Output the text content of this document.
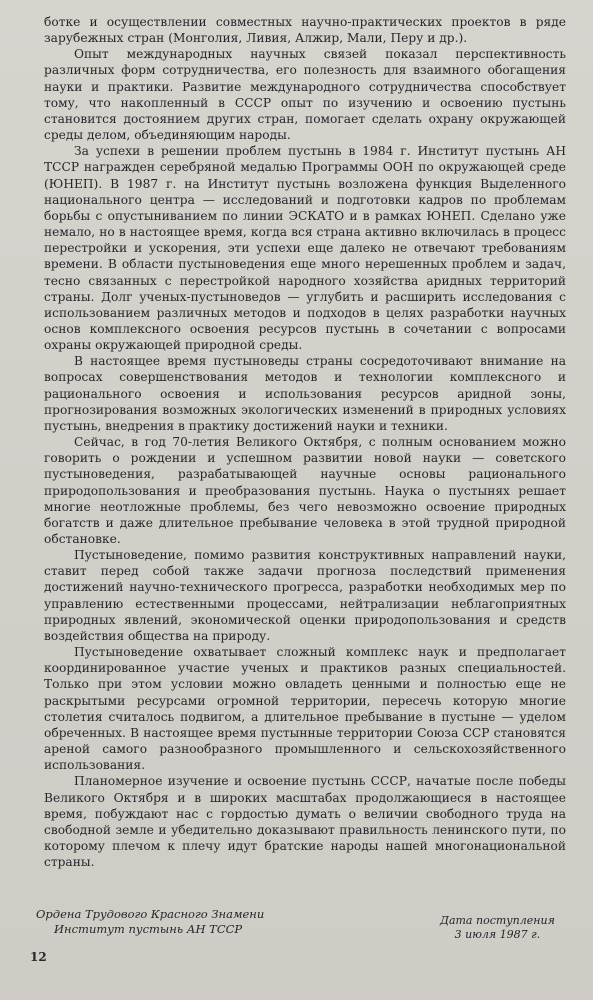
ботке и осуществлении совместных научно-практических проектов в ряде зарубежных стран (Монголия, Ливия, Алжир, Мали, Перу и др.).

Опыт международных научных связей показал перспективность различных форм сотрудничества, его полезность для взаимного обогащения науки и практики. Развитие международного сотрудничества способствует тому, что накопленный в СССР опыт по изучению и освоению пустынь становится достоянием других стран, помогает сделать охрану окружающей среды делом, объединяющим народы.

За успехи в решении проблем пустынь в 1984 г. Институт пустынь АН ТССР награжден серебряной медалью Программы ООН по окружающей среде (ЮНЕП). В 1987 г. на Институт пустынь возложена функция Выделенного национального центра — исследований и подготовки кадров по проблемам борьбы с опустыниванием по линии ЭСКАТО и в рамках ЮНЕП. Сделано уже немало, но в настоящее время, когда вся страна активно включилась в процесс перестройки и ускорения, эти успехи еще далеко не отвечают требованиям времени. В области пустыноведения еще много нерешенных проблем и задач, тесно связанных с перестройкой народного хозяйства аридных территорий страны. Долг ученых-пустыноведов — углубить и расширить исследования с использованием различных методов и подходов в целях разработки научных основ комплексного освоения ресурсов пустынь в сочетании с вопросами охраны окружающей природной среды.

В настоящее время пустыноведы страны сосредоточивают внимание на вопросах совершенствования методов и технологии комплексного и рационального освоения и использования ресурсов аридной зоны, прогнозирования возможных экологических изменений в природных условиях пустынь, внедрения в практику достижений науки и техники.

Сейчас, в год 70-летия Великого Октября, с полным основанием можно говорить о рождении и успешном развитии новой науки — советского пустыноведения, разрабатывающей научные основы рационального природопользования и преобразования пустынь. Наука о пустынях решает многие неотложные проблемы, без чего невозможно освоение природных богатств и даже длительное пребывание человека в этой трудной природной обстановке.

Пустыноведение, помимо развития конструктивных направлений науки, ставит перед собой также задачи прогноза последствий применения достижений научно-технического прогресса, разработки необходимых мер по управлению естественными процессами, нейтрализации неблагоприятных природных явлений, экономической оценки природопользования и средств воздействия общества на природу.

Пустыноведение охватывает сложный комплекс наук и предполагает координированное участие ученых и практиков разных специальностей. Только при этом условии можно овладеть ценными и полностью еще не раскрытыми ресурсами огромной территории, пересечь которую многие столетия считалось подвигом, а длительное пребывание в пустыне — уделом обреченных. В настоящее время пустынные территории Союза ССР становятся ареной самого разнообразного промышленного и сельскохозяйственного использования.

Планомерное изучение и освоение пустынь СССР, начатые после победы Великого Октября и в широких масштабах продолжающиеся в настоящее время, побуждают нас с гордостью думать о величии свободного труда на свободной земле и убедительно доказывают правильность ленинского пути, по которому плечом к плечу идут братские народы нашей многонациональной страны.

Ордена Трудового Красного Знамени
Институт пустынь АН ТССР
Дата поступления
3 июля 1987 г.
12
